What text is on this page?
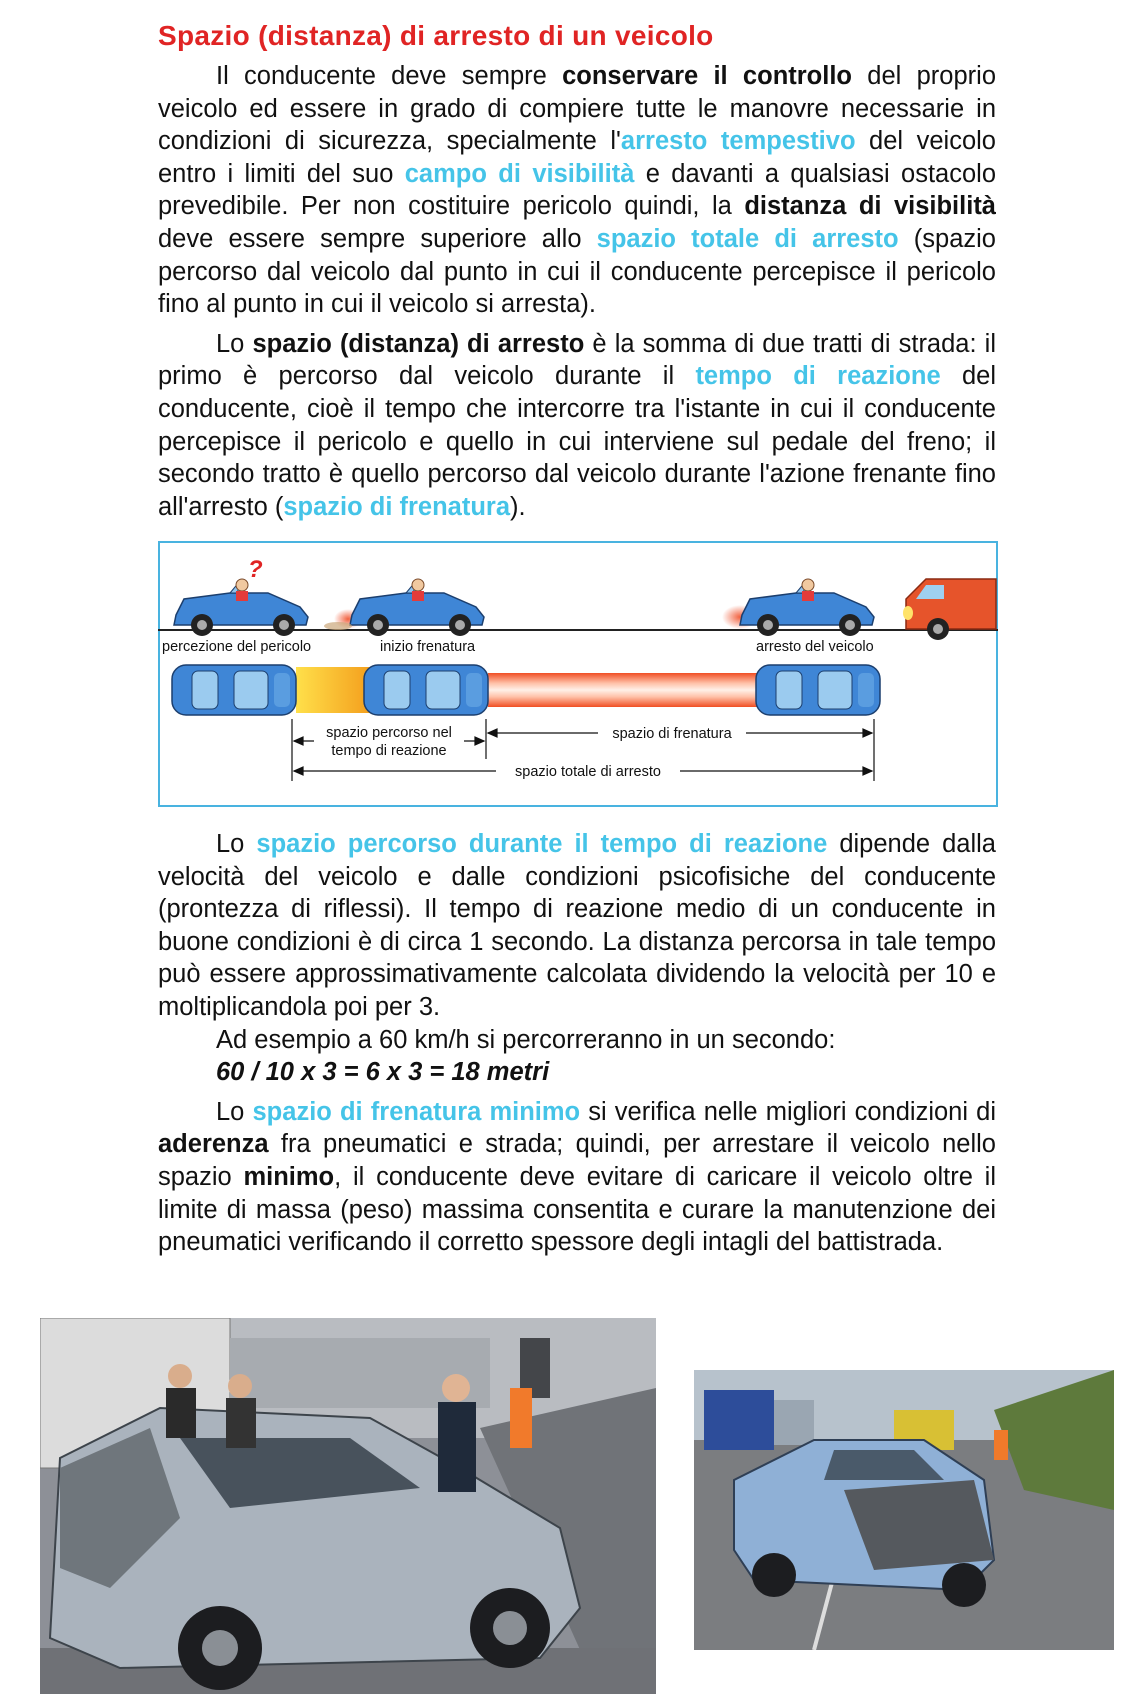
Spazio (distanza) di arresto di un veicolo

Il conducente deve sempre conservare il controllo del proprio veicolo ed essere in grado di compiere tutte le manovre necessarie in condizioni di sicurezza, specialmente l'arresto tempestivo del veicolo entro i limiti del suo campo di visibilità e davanti a qualsiasi ostacolo prevedibile. Per non costituire pericolo quindi, la distanza di visibilità deve essere sempre superiore allo spazio totale di arresto (spazio percorso dal veicolo dal punto in cui il conducente percepisce il pericolo fino al punto in cui il veicolo si arresta).

Lo spazio (distanza) di arresto è la somma di due tratti di strada: il primo è percorso dal veicolo durante il tempo di reazione del conducente, cioè il tempo che intercorre tra l'istante in cui il conducente percepisce il pericolo e quello in cui interviene sul pedale del freno; il secondo tratto è quello percorso dal veicolo durante l'azione frenante fino all'arresto (spazio di frenatura).

?
percezione del pericolo	inizio frenatura	arresto del veicolo
spazio percorso nel
tempo di reazione
spazio di frenatura
spazio totale di arresto

Lo spazio percorso durante il tempo di reazione dipende dalla velocità del veicolo e dalle condizioni psicofisiche del conducente (prontezza di riflessi). Il tempo di reazione medio di un conducente in buone condizioni è di circa 1 secondo. La distanza percorsa in tale tempo può essere approssimativamente calcolata dividendo la velocità per 10 e moltiplicandola poi per 3.

Ad esempio a 60 km/h si percorreranno in un secondo:

60 / 10 x 3 = 6 x 3 = 18 metri

Lo spazio di frenatura minimo si verifica nelle migliori condizioni di aderenza fra pneumatici e strada; quindi, per arrestare il veicolo nello spazio minimo, il conducente deve evitare di caricare il veicolo oltre il limite di massa (peso) massima consentita e curare la manutenzione dei pneumatici verificando il corretto spessore degli intagli del battistrada.
